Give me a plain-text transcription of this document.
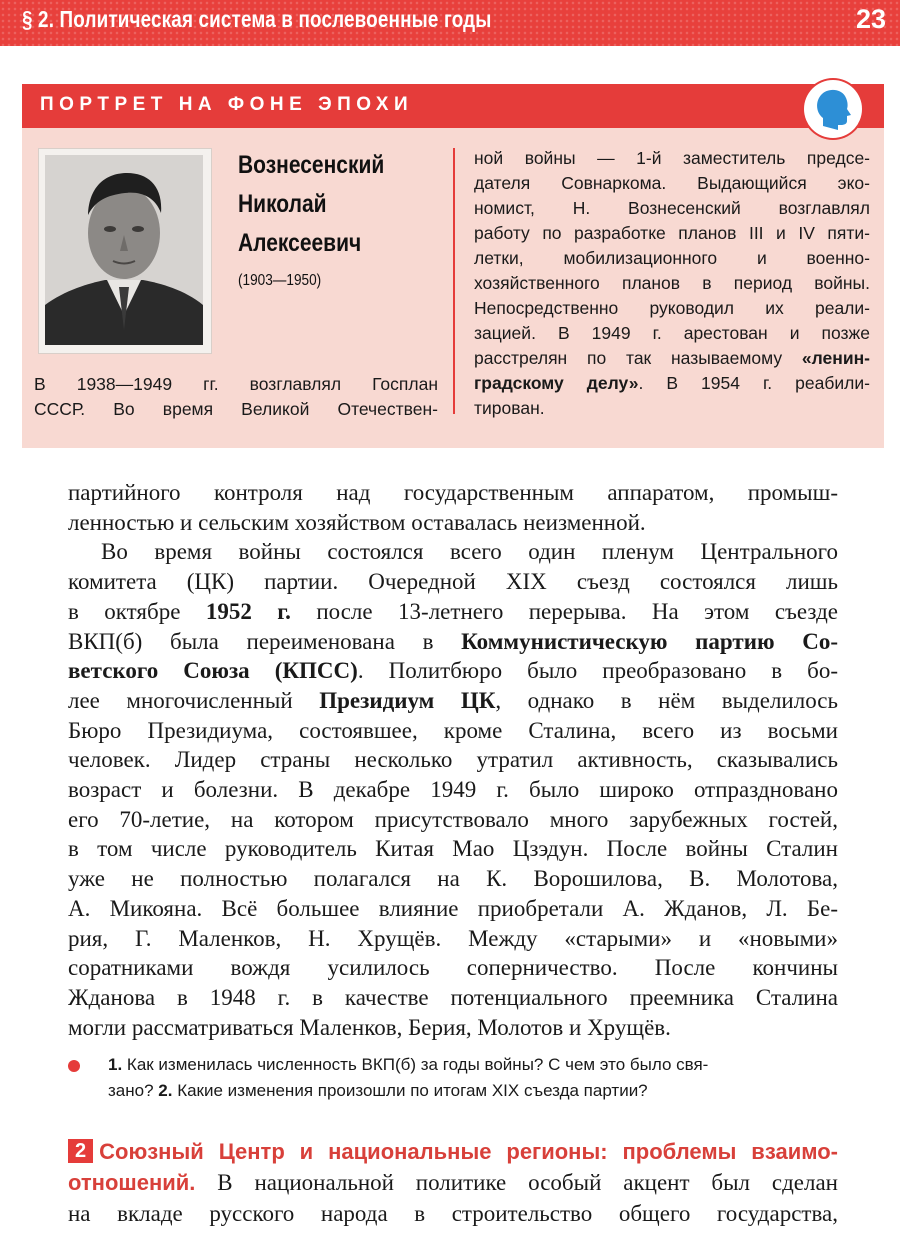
§ 2. Политическая система в послевоенные годы	23
ПОРТРЕТ НА ФОНЕ ЭПОХИ
Вознесенский
Николай
Алексеевич
(1903—1950)

В 1938—1949 гг. возглавлял Госплан

СССР. Во время Великой Отечествен-

ной войны — 1-й заместитель предсе-
дателя Совнаркома. Выдающийся эко-
номист, Н. Вознесенский возглавлял
работу по разработке планов III и IV пяти-
летки, мобилизационного и военно-
хозяйственного планов в период войны.
Непосредственно руководил их реали-
зацией. В 1949 г. арестован и позже
расстрелян по так называемому «ленин-
градскому делу». В 1954 г. реабили-
тирован.
партийного контроля над государственным аппаратом, промыш-
ленностью и сельским хозяйством оставалась неизменной.
Во время войны состоялся всего один пленум Центрального
комитета (ЦК) партии. Очередной XIX съезд состоялся лишь
в октябре 1952 г. после 13-летнего перерыва. На этом съезде
ВКП(б) была переименована в Коммунистическую партию Со-
ветского Союза (КПСС). Политбюро было преобразовано в бо-
лее многочисленный Президиум ЦК, однако в нём выделилось
Бюро Президиума, состоявшее, кроме Сталина, всего из восьми
человек. Лидер страны несколько утратил активность, сказывались
возраст и болезни. В декабре 1949 г. было широко отпраздновано
его 70-летие, на котором присутствовало много зарубежных гостей,
в том числе руководитель Китая Мао Цзэдун. После войны Сталин
уже не полностью полагался на К. Ворошилова, В. Молотова,
А. Микояна. Всё большее влияние приобретали А. Жданов, Л. Бе-
рия, Г. Маленков, Н. Хрущёв. Между «старыми» и «новыми»
соратниками вождя усилилось соперничество. После кончины
Жданова в 1948 г. в качестве потенциального преемника Сталина
могли рассматриваться Маленков, Берия, Молотов и Хрущёв.
1. Как изменилась численность ВКП(б) за годы войны? С чем это было свя-
зано? 2. Какие изменения произошли по итогам XIX съезда партии?
2 Союзный Центр и национальные регионы: проблемы взаимо-
отношений. В национальной политике особый акцент был сделан
на вкладе русского народа в строительство общего государства,
